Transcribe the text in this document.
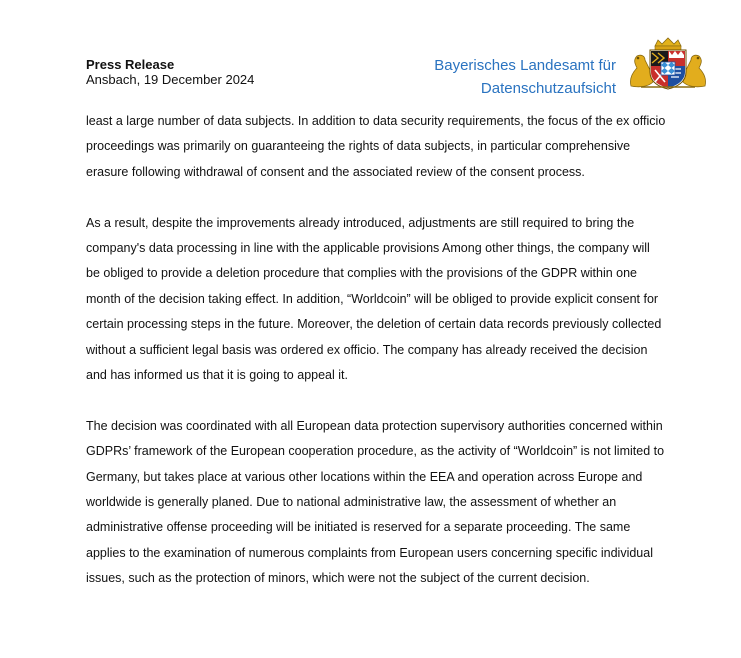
Press Release
Ansbach, 19 December 2024
Bayerisches Landesamt für
Datenschutzaufsicht

least a large number of data subjects. In addition to data security requirements, the focus of the ex officio proceedings was primarily on guaranteeing the rights of data subjects, in particular comprehensive erasure following withdrawal of consent and the associated review of the consent process.

As a result, despite the improvements already introduced, adjustments are still required to bring the company's data processing in line with the applicable provisions Among other things, the company will be obliged to provide a deletion procedure that complies with the provisions of the GDPR within one month of the decision taking effect. In addition, “Worldcoin” will be obliged to provide explicit consent for certain processing steps in the future. Moreover, the deletion of certain data records previously collected without a sufficient legal basis was ordered ex officio. The company has already received the decision and has informed us that it is going to appeal it.

The decision was coordinated with all European data protection supervisory authorities concerned within GDPRs’ framework of the European cooperation procedure, as the activity of “Worldcoin” is not limited to Germany, but takes place at various other locations within the EEA and operation across Europe and worldwide is generally planed. Due to national administrative law, the assessment of whether an administrative offense proceeding will be initiated is reserved for a separate proceeding. The same applies to the examination of numerous complaints from European users concerning specific individual issues, such as the protection of minors, which were not the subject of the current decision.
